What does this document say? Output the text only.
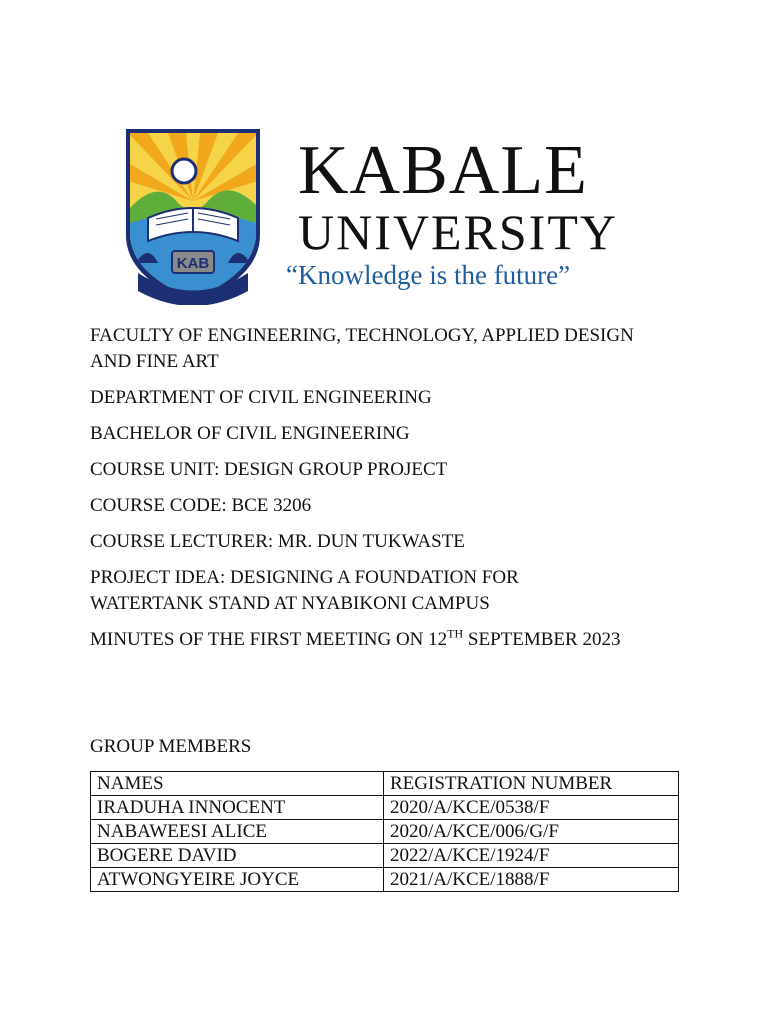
KAB
KABALE
UNIVERSITY
“Knowledge is the future”

FACULTY OF ENGINEERING, TECHNOLOGY, APPLIED DESIGN
AND FINE ART

DEPARTMENT OF CIVIL ENGINEERING

BACHELOR OF CIVIL ENGINEERING

COURSE UNIT: DESIGN GROUP PROJECT

COURSE CODE: BCE 3206

COURSE LECTURER: MR. DUN TUKWASTE

PROJECT IDEA: DESIGNING A FOUNDATION FOR
WATERTANK STAND AT NYABIKONI CAMPUS

MINUTES OF THE FIRST MEETING ON 12TH SEPTEMBER 2023

GROUP MEMBERS
NAMES	REGISTRATION NUMBER
IRADUHA INNOCENT	2020/A/KCE/0538/F
NABAWEESI ALICE	2020/A/KCE/006/G/F
BOGERE DAVID	2022/A/KCE/1924/F
ATWONGYEIRE JOYCE	2021/A/KCE/1888/F
